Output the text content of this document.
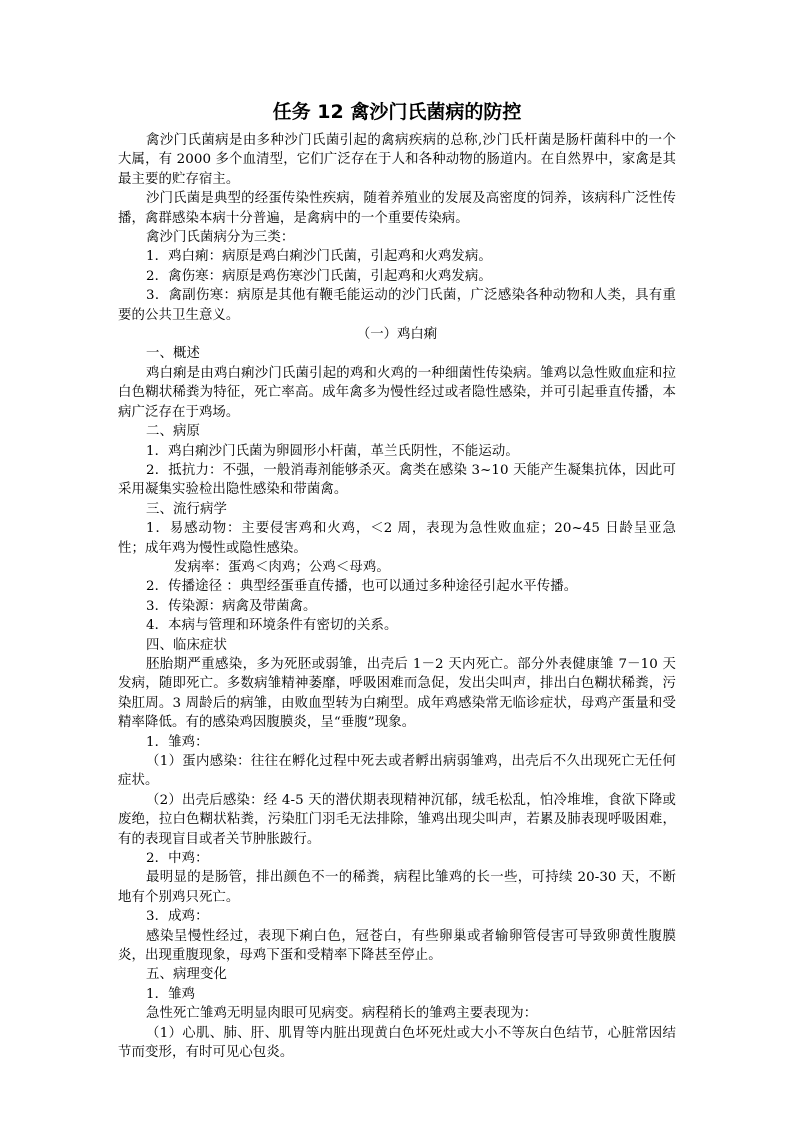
任务 12 禽沙门氏菌病的防控

禽沙门氏菌病是由多种沙门氏菌引起的禽病疾病的总称,沙门氏杆菌是肠杆菌科中的一个大属，有 2000 多个血清型，它们广泛存在于人和各种动物的肠道内。在自然界中，家禽是其最主要的贮存宿主。

沙门氏菌是典型的经蛋传染性疾病，随着养殖业的发展及高密度的饲养，该病科广泛性传播，禽群感染本病十分普遍，是禽病中的一个重要传染病。

禽沙门氏菌病分为三类：

1．鸡白痢：病原是鸡白痢沙门氏菌，引起鸡和火鸡发病。

2．禽伤寒：病原是鸡伤寒沙门氏菌，引起鸡和火鸡发病。

3．禽副伤寒：病原是其他有鞭毛能运动的沙门氏菌，广泛感染各种动物和人类，具有重要的公共卫生意义。

（一）鸡白痢

一、概述

鸡白痢是由鸡白痢沙门氏菌引起的鸡和火鸡的一种细菌性传染病。雏鸡以急性败血症和拉白色糊状稀粪为特征，死亡率高。成年禽多为慢性经过或者隐性感染，并可引起垂直传播，本病广泛存在于鸡场。

二、病原

1．鸡白痢沙门氏菌为卵圆形小杆菌，革兰氏阴性，不能运动。

2．抵抗力：不强，一般消毒剂能够杀灭。禽类在感染 3~10 天能产生凝集抗体，因此可采用凝集实验检出隐性感染和带菌禽。

三、流行病学

1．易感动物：主要侵害鸡和火鸡，＜2 周，表现为急性败血症；20~45 日龄呈亚急性；成年鸡为慢性或隐性感染。

发病率：蛋鸡＜肉鸡；公鸡＜母鸡。

2．传播途径 ：典型经蛋垂直传播，也可以通过多种途径引起水平传播。

3．传染源：病禽及带菌禽。

4．本病与管理和环境条件有密切的关系。

四、临床症状

胚胎期严重感染，多为死胚或弱雏，出壳后 1－2 天内死亡。部分外表健康雏 7－10 天发病，随即死亡。多数病雏精神萎靡，呼吸困难而急促，发出尖叫声，排出白色糊状稀粪，污染肛周。3 周龄后的病雏，由败血型转为白痢型。成年鸡感染常无临诊症状，母鸡产蛋量和受精率降低。有的感染鸡因腹膜炎，呈“垂腹”现象。

1．雏鸡：

（1）蛋内感染：往往在孵化过程中死去或者孵出病弱雏鸡，出壳后不久出现死亡无任何症状。

（2）出壳后感染：经 4-5 天的潜伏期表现精神沉郁，绒毛松乱，怕冷堆堆，食欲下降或废绝，拉白色糊状粘粪，污染肛门羽毛无法排除，雏鸡出现尖叫声，若累及肺表现呼吸困难，有的表现盲目或者关节肿胀跛行。

2．中鸡：

最明显的是肠管，排出颜色不一的稀粪，病程比雏鸡的长一些，可持续 20-30 天，不断地有个别鸡只死亡。

3．成鸡：

感染呈慢性经过，表现下痢白色，冠苍白，有些卵巢或者输卵管侵害可导致卵黄性腹膜炎，出现重腹现象，母鸡下蛋和受精率下降甚至停止。

五、病理变化

1．雏鸡

急性死亡雏鸡无明显肉眼可见病变。病程稍长的雏鸡主要表现为：

（1）心肌、肺、肝、肌胃等内脏出现黄白色坏死灶或大小不等灰白色结节，心脏常因结节而变形，有时可见心包炎。
